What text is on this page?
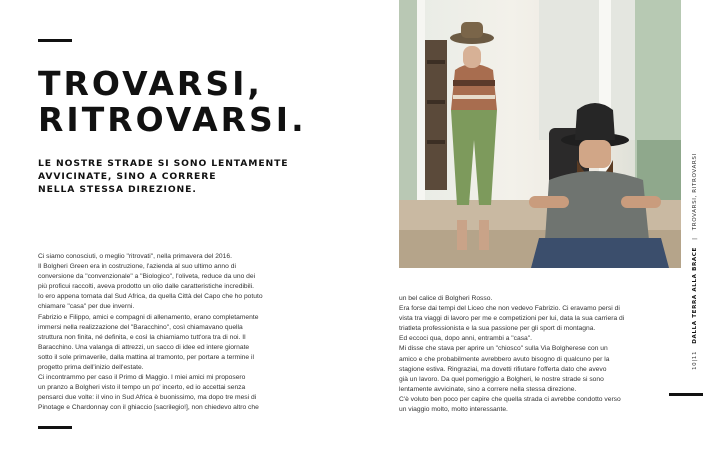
TROVARSI,
RITROVARSI.
LE NOSTRE STRADE SI SONO LENTAMENTE
AVVICINATE, SINO A CORRERE
NELLA STESSA DIREZIONE.
Ci siamo conosciuti, o meglio "ritrovati", nella primavera del 2016.
Il Bolgheri Green era in costruzione, l'azienda al suo ultimo anno di
conversione da "convenzionale" a "Biologico", l'oliveta, reduce da uno dei
più proficui raccolti, aveva prodotto un olio dalle caratteristiche incredibili.
Io ero appena tornata dal Sud Africa, da quella Città del Capo che ho potuto
chiamare "casa" per due inverni.
Fabrizio e Filippo, amici e compagni di allenamento, erano completamente
immersi nella realizzazione del "Baracchino", così chiamavano quella
struttura non finita, né definita, e così la chiamiamo tutt'ora tra di noi. Il
Baracchino. Una valanga di attrezzi, un sacco di idee ed intere giornate
sotto il sole primaverile, dalla mattina al tramonto, per portare a termine il
progetto prima dell'inizio dell'estate.
Ci incontrammo per caso il Primo di Maggio. I miei amici mi proposero
un pranzo a Bolgheri visto il tempo un po' incerto, ed io accettai senza
pensarci due volte: il vino in Sud Africa è buonissimo, ma dopo tre mesi di
Pinotage e Chardonnay con il ghiaccio [sacrilegio!], non chiedevo altro che
un bel calice di Bolgheri Rosso.
Era forse dai tempi del Liceo che non vedevo Fabrizio. Ci eravamo persi di
vista tra viaggi di lavoro per me e competizioni per lui, data la sua carriera di
triatleta professionista e la sua passione per gli sport di montagna.
Ed eccoci qua, dopo anni, entrambi a "casa".
Mi disse che stava per aprire un "chiosco" sulla Via Bolgherese con un
amico e che probabilmente avrebbero avuto bisogno di qualcuno per la
stagione estiva. Ringraziai, ma dovetti rifiutare l'offerta dato che avevo
già un lavoro. Da quel pomeriggio a Bolgheri, le nostre strade si sono
lentamente avvicinate, sino a correre nella stessa direzione.
C'è voluto ben poco per capire che quella strada ci avrebbe condotto verso
un viaggio molto, molto interessante.
10|11   DALLA TERRA ALLA BRACE   |   TROVARSI, RITROVARSI
